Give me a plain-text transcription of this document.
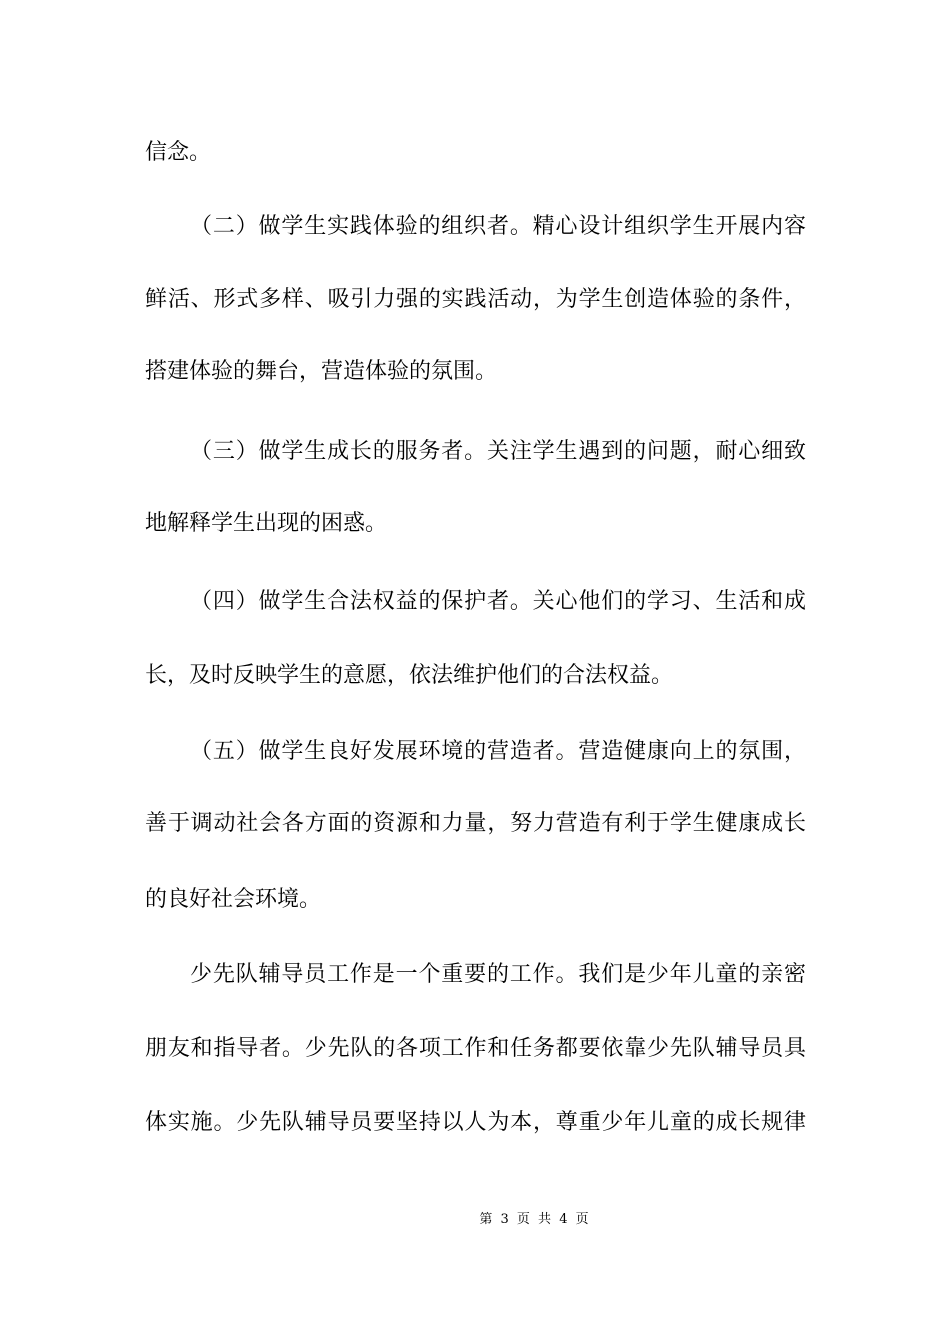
信念。
（二）做学生实践体验的组织者。精心设计组织学生开展内容
鲜活、形式多样、吸引力强的实践活动，为学生创造体验的条件，
搭建体验的舞台，营造体验的氛围。
（三）做学生成长的服务者。关注学生遇到的问题，耐心细致
地解释学生出现的困惑。
（四）做学生合法权益的保护者。关心他们的学习、生活和成
长，及时反映学生的意愿，依法维护他们的合法权益。
（五）做学生良好发展环境的营造者。营造健康向上的氛围，
善于调动社会各方面的资源和力量，努力营造有利于学生健康成长
的良好社会环境。
少先队辅导员工作是一个重要的工作。我们是少年儿童的亲密
朋友和指导者。少先队的各项工作和任务都要依靠少先队辅导员具
体实施。少先队辅导员要坚持以人为本，尊重少年儿童的成长规律
第 3 页 共 4 页
